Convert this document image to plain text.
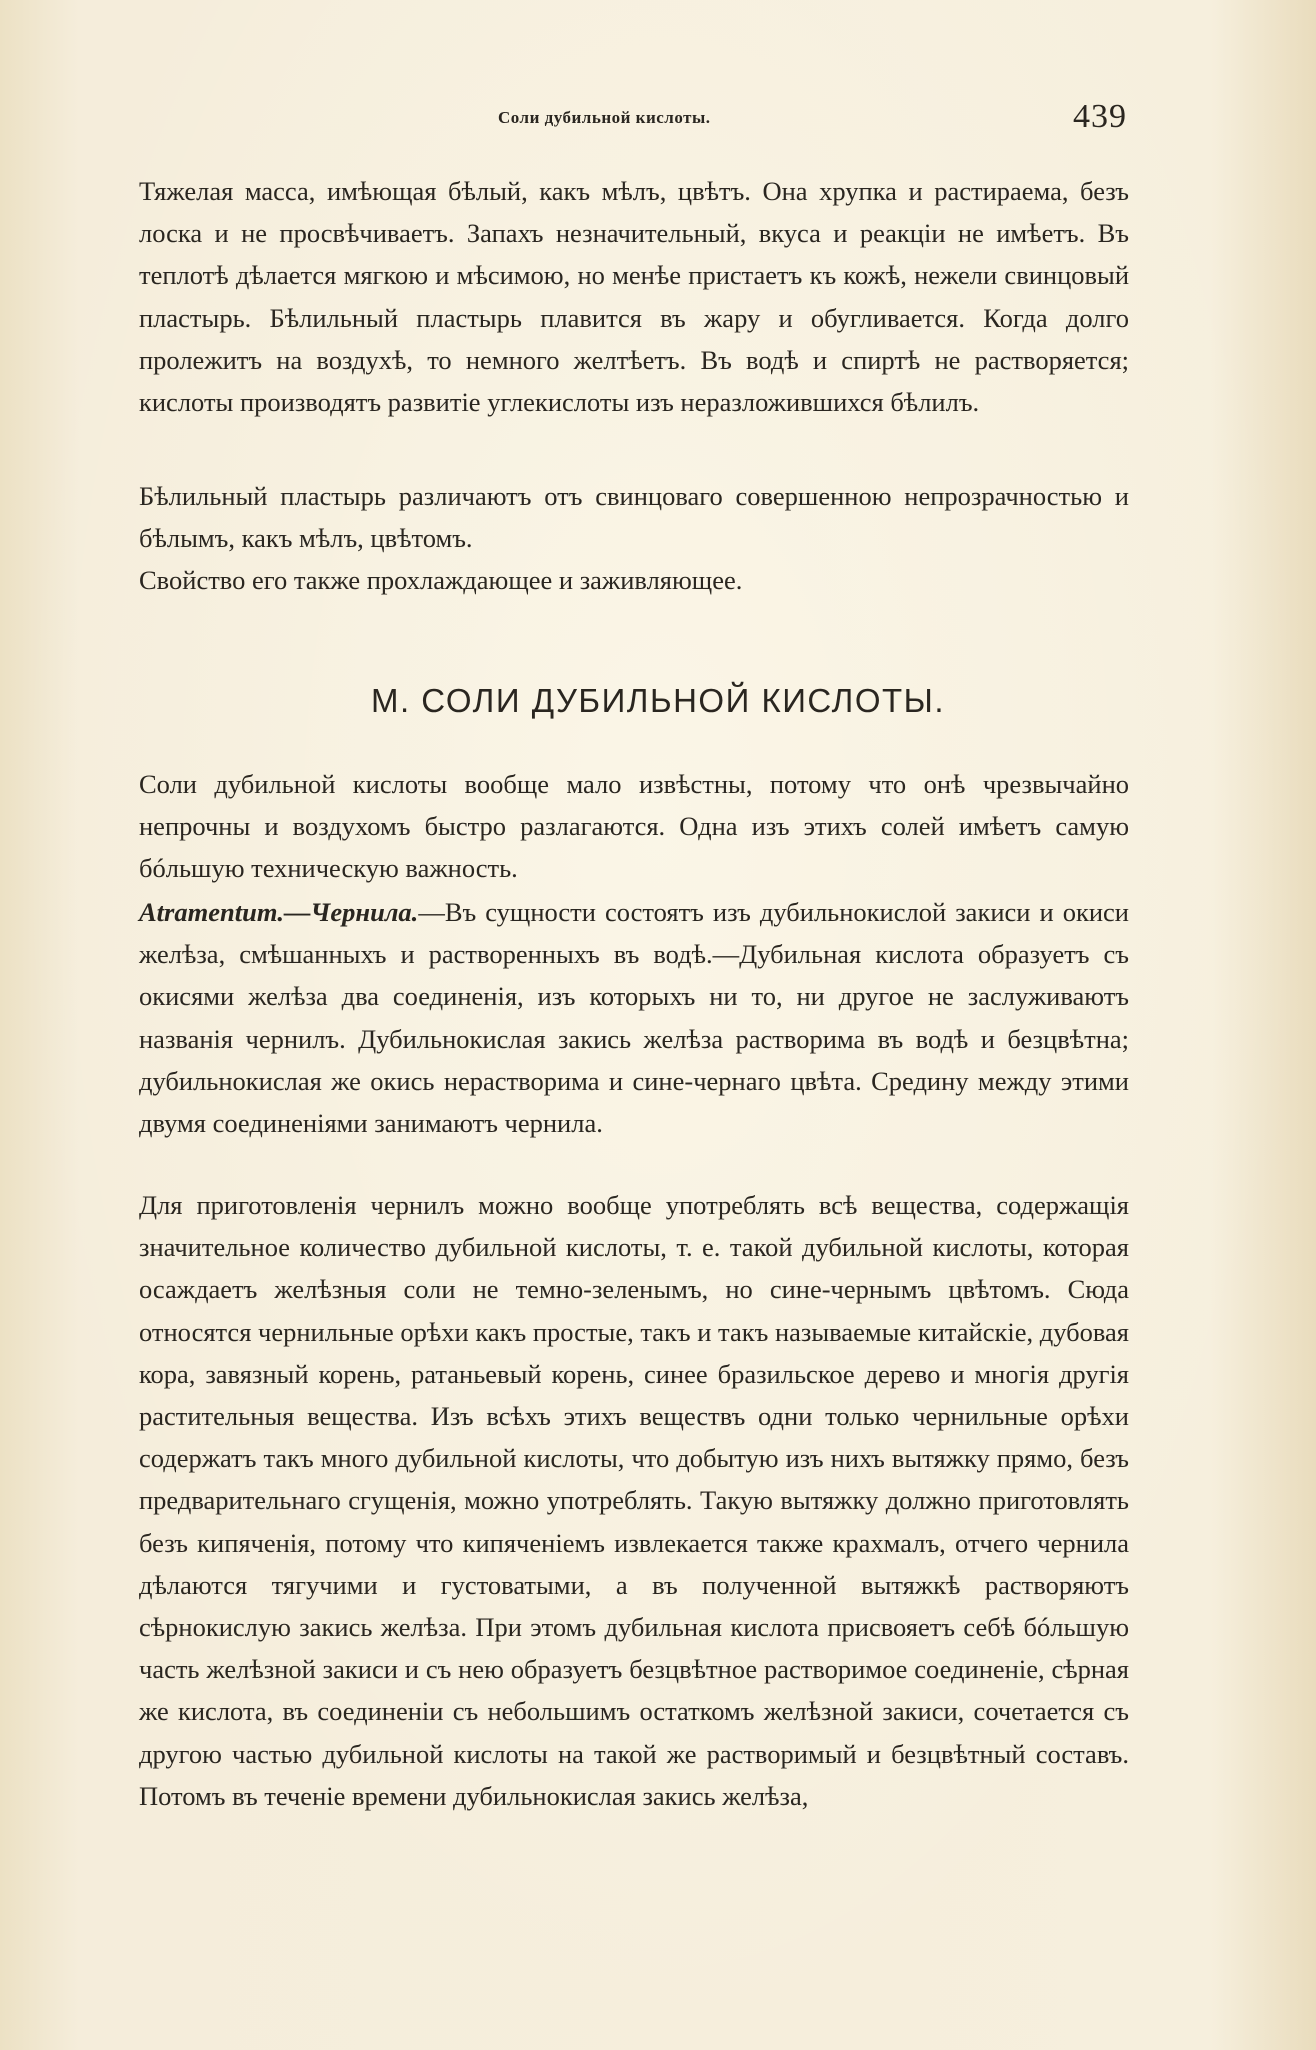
Соли дубильной кислоты.	439

Тяжелая масса, имѣющая бѣлый, какъ мѣлъ, цвѣтъ. Она хрупка и растираема, безъ лоска и не просвѣчиваетъ. Запахъ незначительный, вкуса и реакціи не имѣетъ. Въ теплотѣ дѣлается мягкою и мѣсимою, но менѣе пристаетъ къ кожѣ, нежели свинцовый пластырь. Бѣлильный пластырь плавится въ жару и обугливается. Когда долго пролежитъ на воздухѣ, то немного желтѣетъ. Въ водѣ и спиртѣ не растворяется; кислоты производятъ развитіе углекислоты изъ неразложившихся бѣлилъ.

Бѣлильный пластырь различаютъ отъ свинцоваго совершенною непрозрачностью и бѣлымъ, какъ мѣлъ, цвѣтомъ.

Свойство его также прохлаждающее и заживляющее.

М. СОЛИ ДУБИЛЬНОЙ КИСЛОТЫ.

Соли дубильной кислоты вообще мало извѣстны, потому что онѣ чрезвычайно непрочны и воздухомъ быстро разлагаются. Одна изъ этихъ солей имѣетъ самую бóльшую техническую важность.

Atramentum.—Чернила.—Въ сущности состоятъ изъ дубильнокислой закиси и окиси желѣза, смѣшанныхъ и растворенныхъ въ водѣ.—Дубильная кислота образуетъ съ окисями желѣза два соединенія, изъ которыхъ ни то, ни другое не заслуживаютъ названія чернилъ. Дубильнокислая закись желѣза растворима въ водѣ и безцвѣтна; дубильнокислая же окись нерастворима и сине-чернаго цвѣта. Средину между этими двумя соединеніями занимаютъ чернила.

Для приготовленія чернилъ можно вообще употреблять всѣ вещества, содержащія значительное количество дубильной кислоты, т. е. такой дубильной кислоты, которая осаждаетъ желѣзныя соли не темно-зеленымъ, но сине-чернымъ цвѣтомъ. Сюда относятся чернильные орѣхи какъ простые, такъ и такъ называемые китайскіе, дубовая кора, завязный корень, ратаньевый корень, синее бразильское дерево и многія другія растительныя вещества. Изъ всѣхъ этихъ веществъ одни только чернильные орѣхи содержатъ такъ много дубильной кислоты, что добытую изъ нихъ вытяжку прямо, безъ предварительнаго сгущенія, можно употреблять. Такую вытяжку должно приготовлять безъ кипяченія, потому что кипяченіемъ извлекается также крахмалъ, отчего чернила дѣлаются тягучими и густоватыми, а въ полученной вытяжкѣ растворяютъ сѣрнокислую закись желѣза. При этомъ дубильная кислота присвояетъ себѣ бóльшую часть желѣзной закиси и съ нею образуетъ безцвѣтное растворимое соединеніе, сѣрная же кислота, въ соединеніи съ небольшимъ остаткомъ желѣзной закиси, сочетается съ другою частью дубильной кислоты на такой же растворимый и безцвѣтный составъ. Потомъ въ теченіе времени дубильнокислая закись желѣза,
